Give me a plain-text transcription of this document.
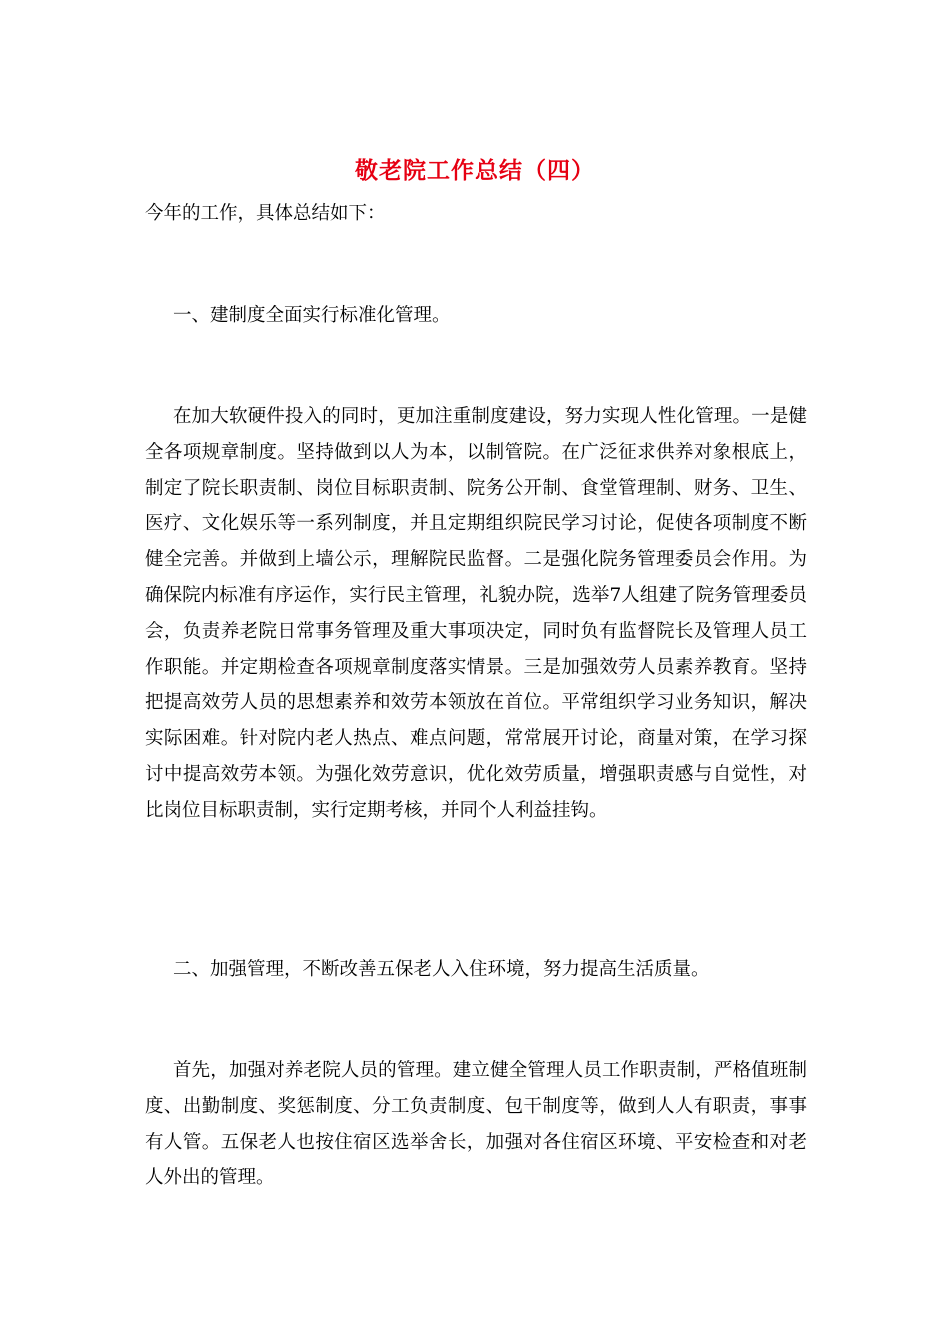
敬老院工作总结（四）

今年的工作，具体总结如下：

一、建制度全面实行标准化管理。

在加大软硬件投入的同时，更加注重制度建设，努力实现人性化管理。一是健全各项规章制度。坚持做到以人为本，以制管院。在广泛征求供养对象根底上，制定了院长职责制、岗位目标职责制、院务公开制、食堂管理制、财务、卫生、医疗、文化娱乐等一系列制度，并且定期组织院民学习讨论，促使各项制度不断健全完善。并做到上墙公示，理解院民监督。二是强化院务管理委员会作用。为确保院内标准有序运作，实行民主管理，礼貌办院，选举7人组建了院务管理委员会，负责养老院日常事务管理及重大事项决定，同时负有监督院长及管理人员工作职能。并定期检查各项规章制度落实情景。三是加强效劳人员素养教育。坚持把提高效劳人员的思想素养和效劳本领放在首位。平常组织学习业务知识，解决实际困难。针对院内老人热点、难点问题，常常展开讨论，商量对策，在学习探讨中提高效劳本领。为强化效劳意识，优化效劳质量，增强职责感与自觉性，对比岗位目标职责制，实行定期考核，并同个人利益挂钩。

二、加强管理，不断改善五保老人入住环境，努力提高生活质量。

首先，加强对养老院人员的管理。建立健全管理人员工作职责制，严格值班制度、出勤制度、奖惩制度、分工负责制度、包干制度等，做到人人有职责，事事有人管。五保老人也按住宿区选举舍长，加强对各住宿区环境、平安检查和对老人外出的管理。
